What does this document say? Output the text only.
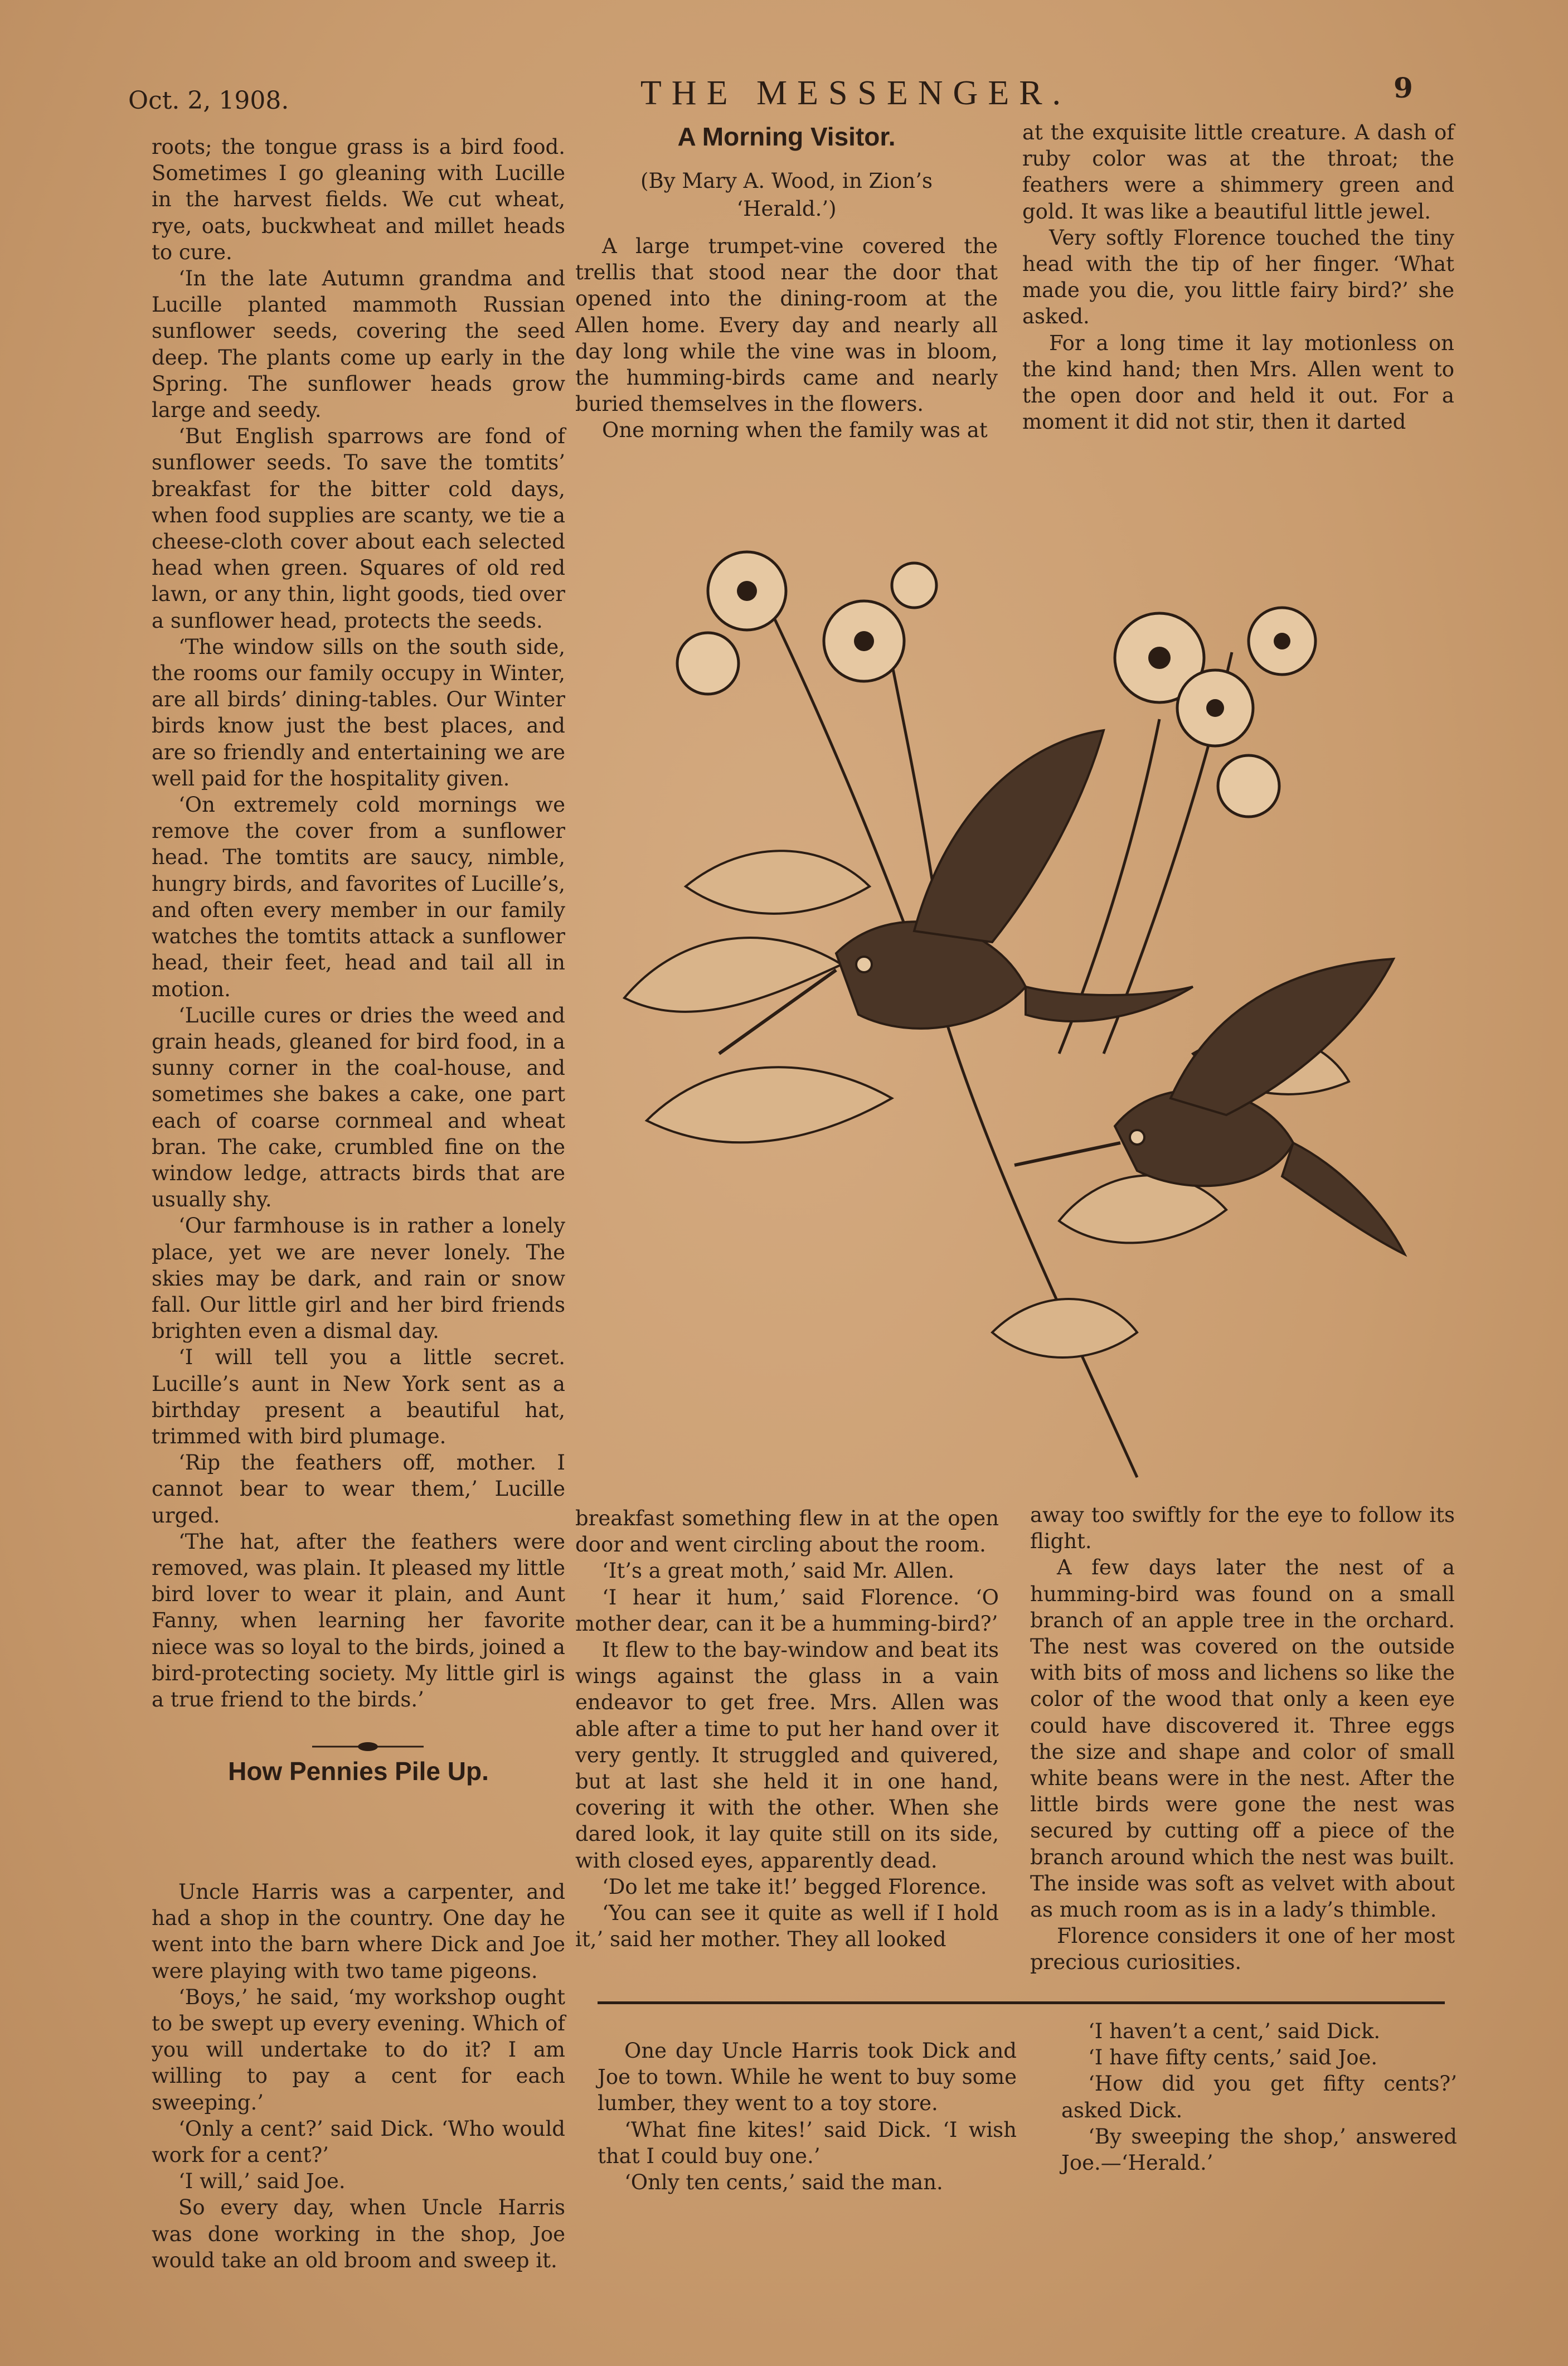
Oct. 2, 1908.	THE MESSENGER.	9

roots; the tongue grass is a bird food. Sometimes I go gleaning with Lucille in the harvest fields. We cut wheat, rye, oats, buckwheat and millet heads to cure.

‘In the late Autumn grandma and Lucille planted mammoth Russian sunflower seeds, covering the seed deep. The plants come up early in the Spring. The sunflower heads grow large and seedy.

‘But English sparrows are fond of sunflower seeds. To save the tomtits’ breakfast for the bitter cold days, when food supplies are scanty, we tie a cheese-cloth cover about each selected head when green. Squares of old red lawn, or any thin, light goods, tied over a sunflower head, protects the seeds.

‘The window sills on the south side, the rooms our family occupy in Winter, are all birds’ dining-tables. Our Winter birds know just the best places, and are so friendly and entertaining we are well paid for the hospitality given.

‘On extremely cold mornings we remove the cover from a sunflower head. The tomtits are saucy, nimble, hungry birds, and favorites of Lucille’s, and often every member in our family watches the tomtits attack a sunflower head, their feet, head and tail all in motion.

‘Lucille cures or dries the weed and grain heads, gleaned for bird food, in a sunny corner in the coal-house, and sometimes she bakes a cake, one part each of coarse cornmeal and wheat bran. The cake, crumbled fine on the window ledge, attracts birds that are usually shy.

‘Our farmhouse is in rather a lonely place, yet we are never lonely. The skies may be dark, and rain or snow fall. Our little girl and her bird friends brighten even a dismal day.

‘I will tell you a little secret. Lucille’s aunt in New York sent as a birthday present a beautiful hat, trimmed with bird plumage.

‘Rip the feathers off, mother. I cannot bear to wear them,’ Lucille urged.

‘The hat, after the feathers were removed, was plain. It pleased my little bird lover to wear it plain, and Aunt Fanny, when learning her favorite niece was so loyal to the birds, joined a bird-protecting society. My little girl is a true friend to the birds.’

How Pennies Pile Up.

Uncle Harris was a carpenter, and had a shop in the country. One day he went into the barn where Dick and Joe were playing with two tame pigeons.

‘Boys,’ he said, ‘my workshop ought to be swept up every evening. Which of you will undertake to do it? I am willing to pay a cent for each sweeping.’

‘Only a cent?’ said Dick. ‘Who would work for a cent?’

‘I will,’ said Joe.

So every day, when Uncle Harris was done working in the shop, Joe would take an old broom and sweep it.

A Morning Visitor.
(By Mary A. Wood, in Zion’s
‘Herald.’)

A large trumpet-vine covered the trellis that stood near the door that opened into the dining-room at the Allen home. Every day and nearly all day long while the vine was in bloom, the humming-birds came and nearly buried themselves in the flowers.

One morning when the family was at

at the exquisite little creature. A dash of ruby color was at the throat; the feathers were a shimmery green and gold. It was like a beautiful little jewel.

Very softly Florence touched the tiny head with the tip of her finger. ‘What made you die, you little fairy bird?’ she asked.

For a long time it lay motionless on the kind hand; then Mrs. Allen went to the open door and held it out. For a moment it did not stir, then it darted

breakfast something flew in at the open door and went circling about the room.

‘It’s a great moth,’ said Mr. Allen.

‘I hear it hum,’ said Florence. ‘O mother dear, can it be a humming-bird?’

It flew to the bay-window and beat its wings against the glass in a vain endeavor to get free. Mrs. Allen was able after a time to put her hand over it very gently. It struggled and quivered, but at last she held it in one hand, covering it with the other. When she dared look, it lay quite still on its side, with closed eyes, apparently dead.

‘Do let me take it!’ begged Florence.

‘You can see it quite as well if I hold it,’ said her mother. They all looked

away too swiftly for the eye to follow its flight.

A few days later the nest of a humming-bird was found on a small branch of an apple tree in the orchard. The nest was covered on the outside with bits of moss and lichens so like the color of the wood that only a keen eye could have discovered it. Three eggs the size and shape and color of small white beans were in the nest. After the little birds were gone the nest was secured by cutting off a piece of the branch around which the nest was built. The inside was soft as velvet with about as much room as is in a lady’s thimble.

Florence considers it one of her most precious curiosities.

One day Uncle Harris took Dick and Joe to town. While he went to buy some lumber, they went to a toy store.

‘What fine kites!’ said Dick. ‘I wish that I could buy one.’

‘Only ten cents,’ said the man.

‘I haven’t a cent,’ said Dick.

‘I have fifty cents,’ said Joe.

‘How did you get fifty cents?’ asked Dick.

‘By sweeping the shop,’ answered Joe.—‘Herald.’
